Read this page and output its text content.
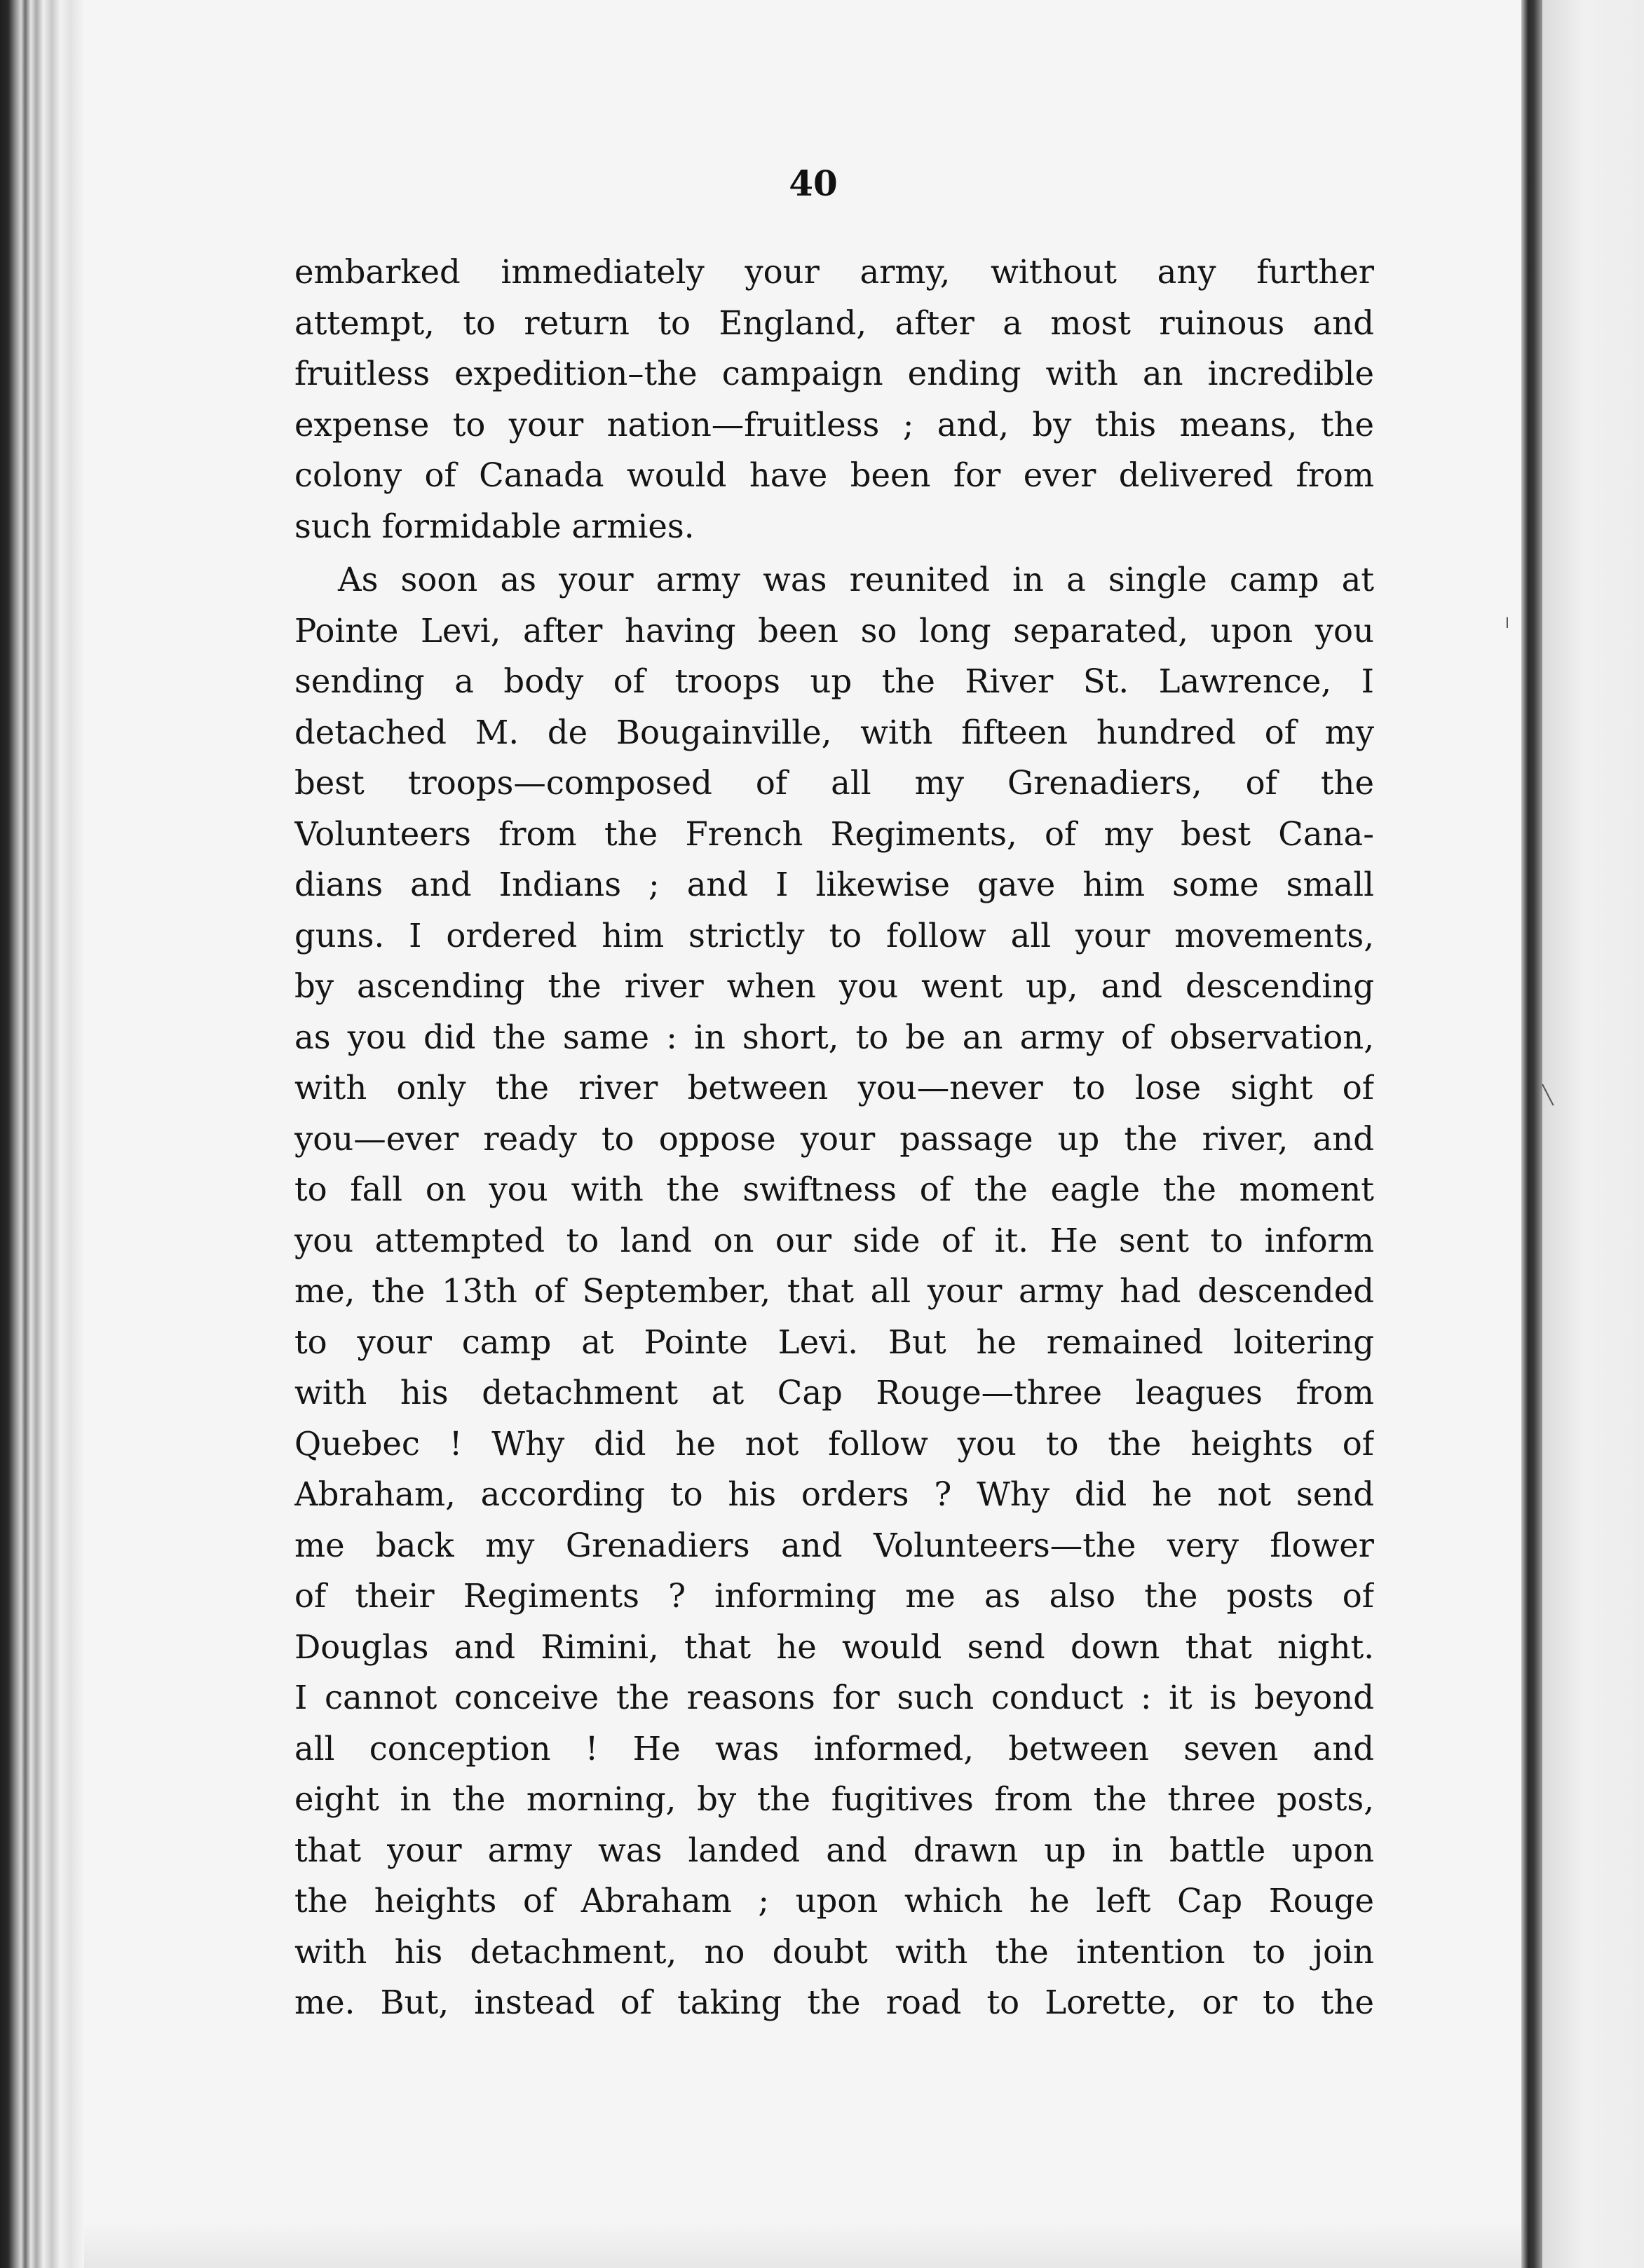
40
embarked immediately your army, without any further
attempt, to return to England, after a most ruinous and
fruitless expedition–the campaign ending with an incredible
expense to your nation—fruitless ; and, by this means, the
colony of Canada would have been for ever delivered from
such formidable armies.
As soon as your army was reunited in a single camp at
Pointe Levi, after having been so long separated, upon you
sending a body of troops up the River St. Lawrence, I
detached M. de Bougainville, with fifteen hundred of my
best troops—composed of all my Grenadiers, of the
Volunteers from the French Regiments, of my best Cana-
dians and Indians ; and I likewise gave him some small
guns. I ordered him strictly to follow all your movements,
by ascending the river when you went up, and descending
as you did the same : in short, to be an army of observation,
with only the river between you—never to lose sight of
you—ever ready to oppose your passage up the river, and
to fall on you with the swiftness of the eagle the moment
you attempted to land on our side of it. He sent to inform
me, the 13th of September, that all your army had descended
to your camp at Pointe Levi. But he remained loitering
with his detachment at Cap Rouge—three leagues from
Quebec ! Why did he not follow you to the heights of
Abraham, according to his orders ? Why did he not send
me back my Grenadiers and Volunteers—the very flower
of their Regiments ? informing me as also the posts of
Douglas and Rimini, that he would send down that night.
I cannot conceive the reasons for such conduct : it is beyond
all conception ! He was informed, between seven and
eight in the morning, by the fugitives from the three posts,
that your army was landed and drawn up in battle upon
the heights of Abraham ; upon which he left Cap Rouge
with his detachment, no doubt with the intention to join
me. But, instead of taking the road to Lorette, or to the
╵
╲
